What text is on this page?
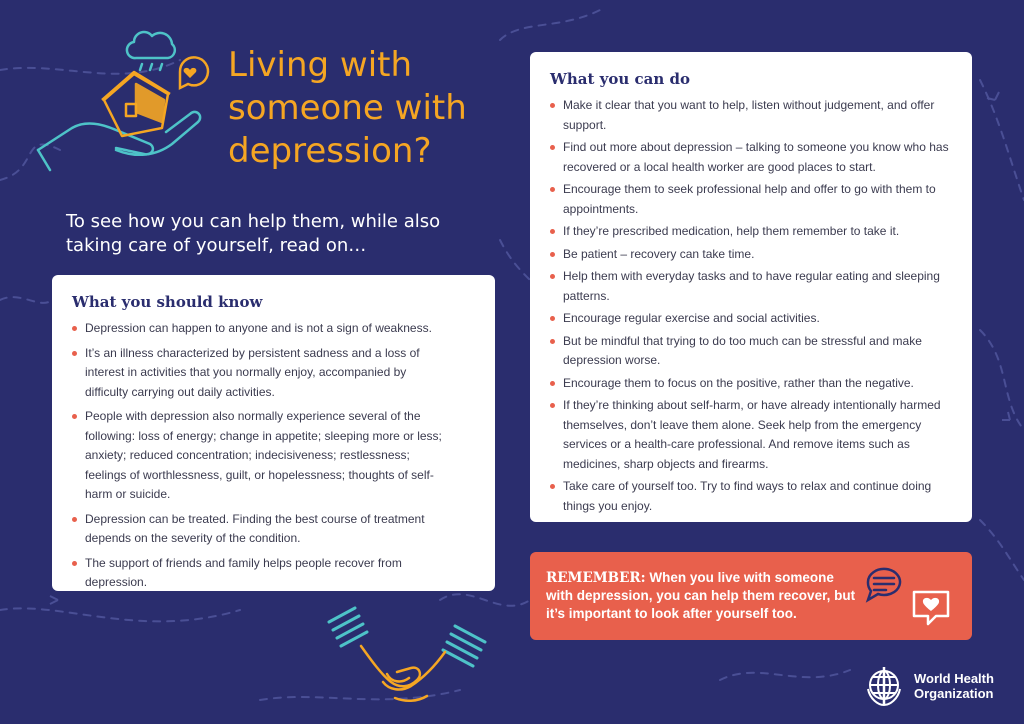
Living with
someone with
depression?

To see how you can help them, while also taking care of yourself, read on…

What you should know
Depression can happen to anyone and is not a sign of weakness.
It’s an illness characterized by persistent sadness and a loss of interest in activities that you normally enjoy, accompanied by difficulty carrying out daily activities.
People with depression also normally experience several of the following: loss of energy; change in appetite; sleeping more or less; anxiety; reduced concentration; indecisiveness; restlessness; feelings of worthlessness, guilt, or hopelessness; thoughts of self-harm or suicide.
Depression can be treated. Finding the best course of treatment depends on the severity of the condition.
The support of friends and family helps people recover from depression.
What you can do
Make it clear that you want to help, listen without judgement, and offer support.
Find out more about depression – talking to someone you know who has recovered or a local health worker are good places to start.
Encourage them to seek professional help and offer to go with them to appointments.
If they’re prescribed medication, help them remember to take it.
Be patient – recovery can take time.
Help them with everyday tasks and to have regular eating and sleeping patterns.
Encourage regular exercise and social activities.
But be mindful that trying to do too much can be stressful and make depression worse.
Encourage them to focus on the positive, rather than the negative.
If they’re thinking about self-harm, or have already intentionally harmed themselves, don’t leave them alone. Seek help from the emergency services or a health-care professional. And remove items such as medicines, sharp objects and firearms.
Take care of yourself too. Try to find ways to relax and continue doing things you enjoy.

REMEMBER: When you live with someone with depression, you can help them recover, but it’s important to look after yourself too.

World Health
Organization
